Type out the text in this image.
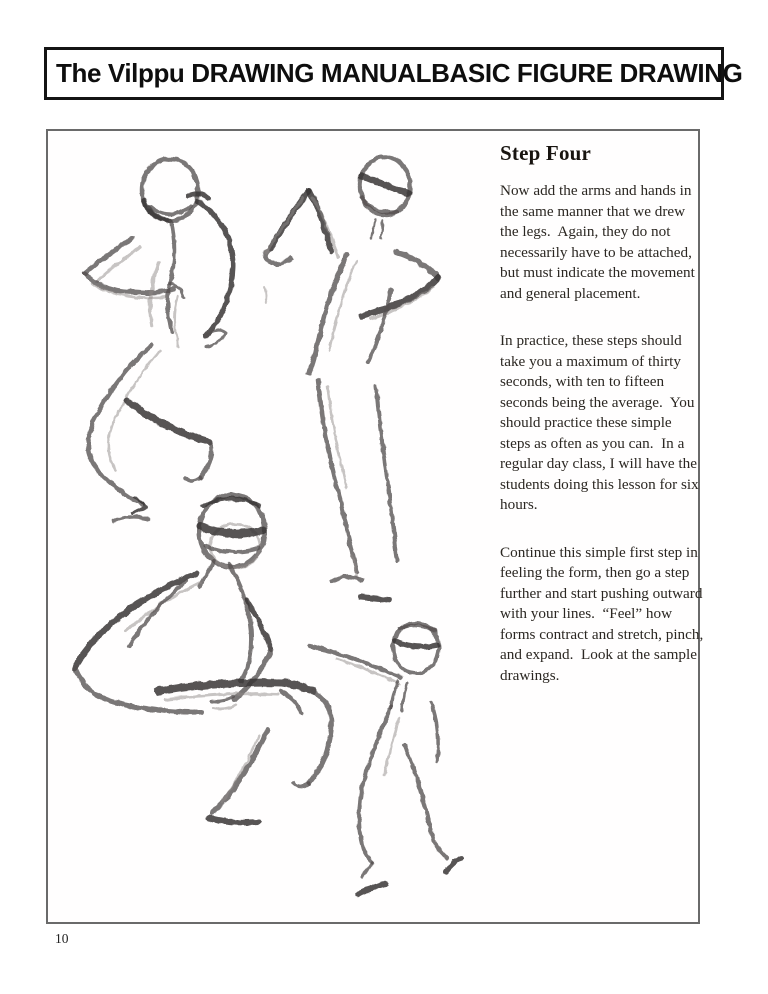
The Vilppu DRAWING MANUAL BASIC FIGURE DRAWING
Step Four

Now add the arms and hands in the same manner that we drew the legs.  Again, they do not necessarily have to be attached, but must indicate the movement and general placement.

In practice, these steps should take you a maximum of thirty seconds, with ten to fifteen seconds being the average.  You should practice these simple steps as often as you can.  In a regular day class, I will have the students doing this lesson for six hours.

Continue this simple first step in feeling the form, then go a step further and start pushing outward with your lines.  “Feel” how forms contract and stretch, pinch, and expand.  Look at the sample drawings.

10
